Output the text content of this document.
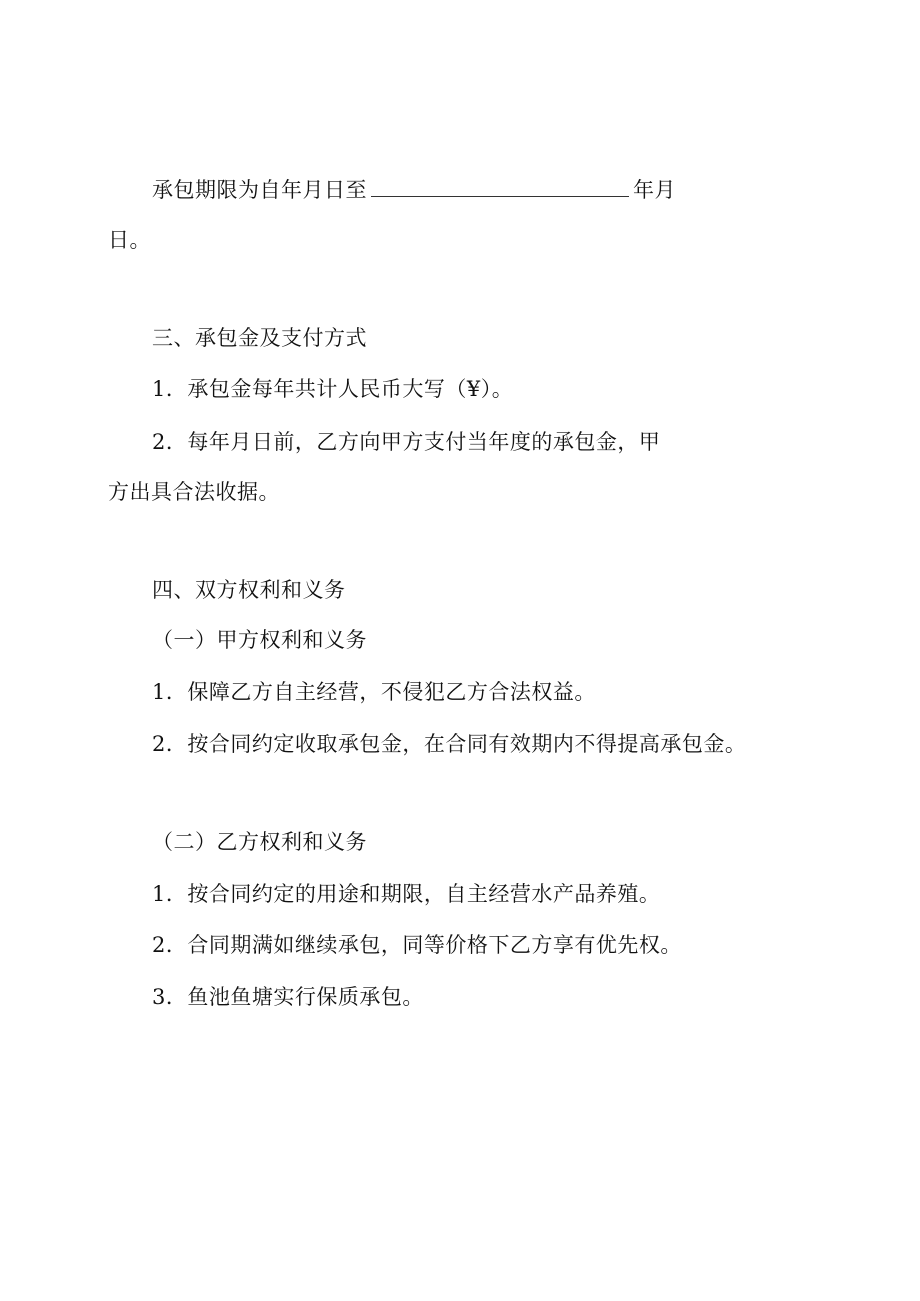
承包期限为自年月日至	年月
日。
三、承包金及支付方式
1．承包金每年共计人民币大写（¥）。
2．每年月日前，乙方向甲方支付当年度的承包金，甲
方出具合法收据。
四、双方权利和义务
（一）甲方权利和义务
1．保障乙方自主经营，不侵犯乙方合法权益。
2．按合同约定收取承包金，在合同有效期内不得提高承包金。
（二）乙方权利和义务
1．按合同约定的用途和期限，自主经营水产品养殖。
2．合同期满如继续承包，同等价格下乙方享有优先权。
3．鱼池鱼塘实行保质承包。
